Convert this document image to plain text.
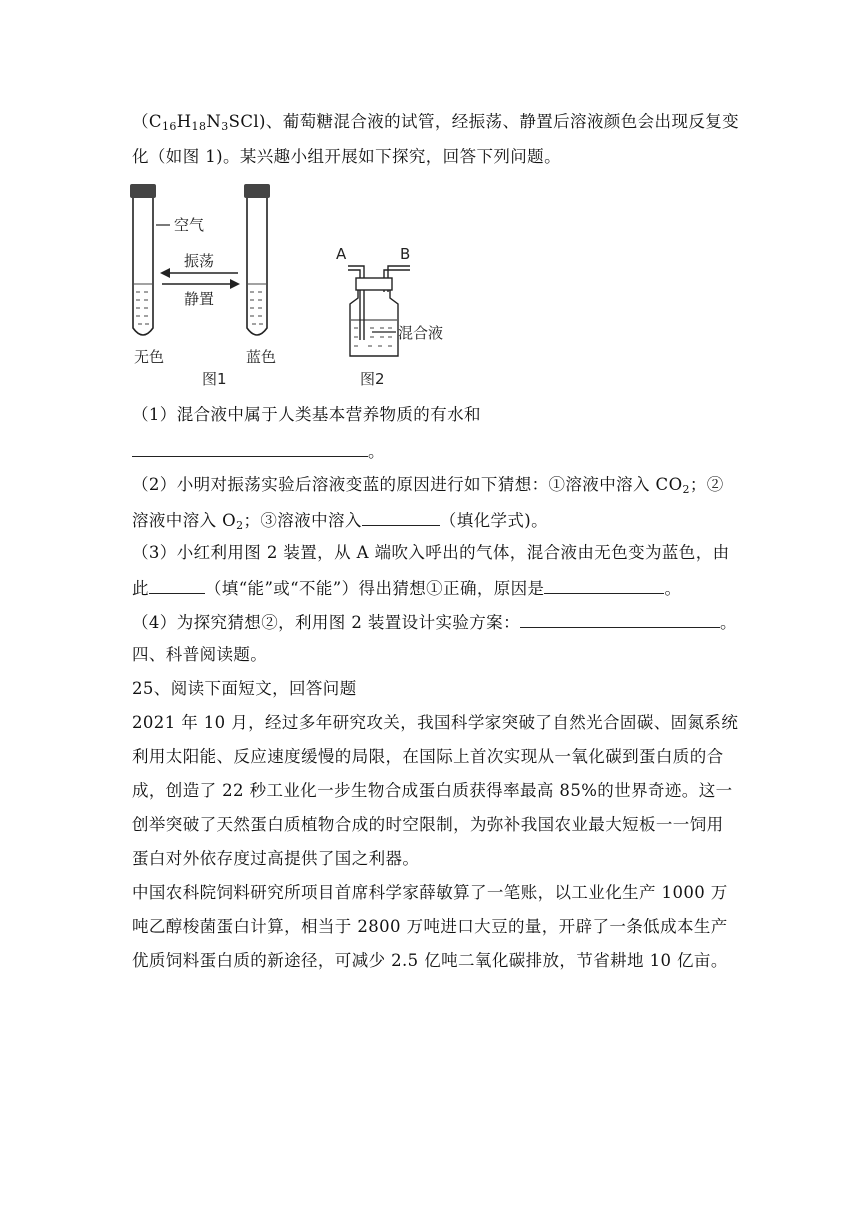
$(C_{16}H_{18}N_3SCl)$、葡萄糖混合液的试管，经振荡、静置后溶液颜色会出现反复变
化（如图 1)。某兴趣小组开展如下探究，回答下列问题。
空气
振荡
静置
无色	蓝色
图1
A	B
混合液
图2
（1）混合液中属于人类基本营养物质的有水和
。
（2）小明对振荡实验后溶液变蓝的原因进行如下猜想：①溶液中溶入 $CO_2$；②
溶液中溶入 $O_2$；③溶液中溶入	（填化学式)。
（3）小红利用图 2 装置，从 A 端吹入呼出的气体，混合液由无色变为蓝色，由
此	（填“能”或“不能”）得出猜想①正确，原因是	。
（4）为探究猜想②，利用图 2 装置设计实验方案：	。
四、科普阅读题。
25、阅读下面短文，回答问题
2021 年 10 月，经过多年研究攻关，我国科学家突破了自然光合固碳、固氮系统
利用太阳能、反应速度缓慢的局限，在国际上首次实现从一氧化碳到蛋白质的合
成，创造了 22 秒工业化一步生物合成蛋白质获得率最高 85%的世界奇迹。这一
创举突破了天然蛋白质植物合成的时空限制，为弥补我国农业最大短板一一饲用
蛋白对外依存度过高提供了国之利器。
中国农科院饲料研究所项目首席科学家薛敏算了一笔账，以工业化生产 1000 万
吨乙醇梭菌蛋白计算，相当于 2800 万吨进口大豆的量，开辟了一条低成本生产
优质饲料蛋白质的新途径，可减少 2.5 亿吨二氧化碳排放，节省耕地 10 亿亩。
